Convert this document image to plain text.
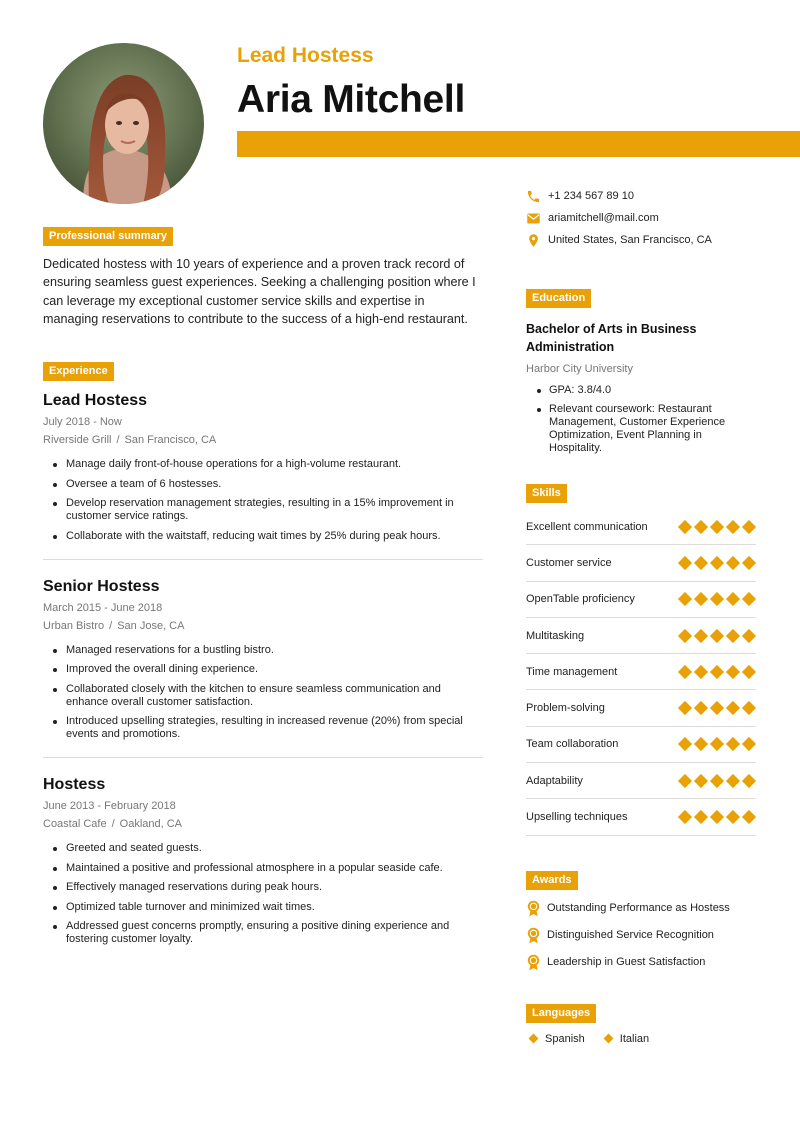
Lead Hostess
Aria Mitchell
Professional summary

Dedicated hostess with 10 years of experience and a proven track record of ensuring seamless guest experiences. Seeking a challenging position where I can leverage my exceptional customer service skills and expertise in managing reservations to contribute to the success of a high-end restaurant.

Experience
Lead Hostess
July 2018 - Now
Riverside Grill / San Francisco, CA
Manage daily front-of-house operations for a high-volume restaurant.
Oversee a team of 6 hostesses.
Develop reservation management strategies, resulting in a 15% improvement in customer service ratings.
Collaborate with the waitstaff, reducing wait times by 25% during peak hours.
Senior Hostess
March 2015 - June 2018
Urban Bistro / San Jose, CA
Managed reservations for a bustling bistro.
Improved the overall dining experience.
Collaborated closely with the kitchen to ensure seamless communication and enhance overall customer satisfaction.
Introduced upselling strategies, resulting in increased revenue (20%) from special events and promotions.
Hostess
June 2013 - February 2018
Coastal Cafe / Oakland, CA
Greeted and seated guests.
Maintained a positive and professional atmosphere in a popular seaside cafe.
Effectively managed reservations during peak hours.
Optimized table turnover and minimized wait times.
Addressed guest concerns promptly, ensuring a positive dining experience and fostering customer loyalty.
+1 234 567 89 10
ariamitchell@mail.com
United States, San Francisco, CA
Education
Bachelor of Arts in Business Administration
Harbor City University
GPA: 3.8/4.0
Relevant coursework: Restaurant Management, Customer Experience Optimization, Event Planning in Hospitality.
Skills
Excellent communication
Customer service
OpenTable proficiency
Multitasking
Time management
Problem-solving
Team collaboration
Adaptability
Upselling techniques
Awards
Outstanding Performance as Hostess
Distinguished Service Recognition
Leadership in Guest Satisfaction
Languages
Spanish	Italian
